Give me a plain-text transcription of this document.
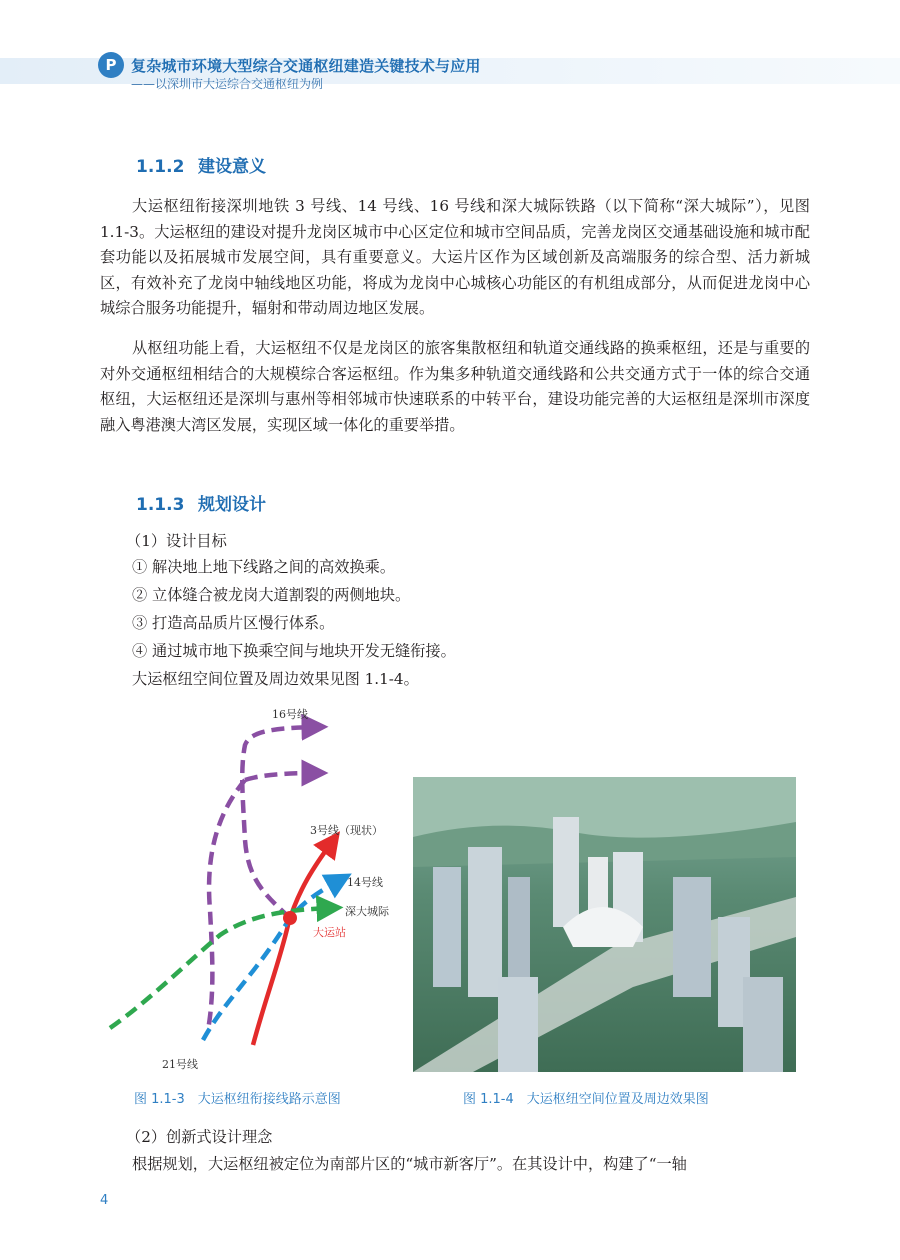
P 复杂城市环境大型综合交通枢纽建造关键技术与应用
——以深圳市大运综合交通枢纽为例
1.1.2 建设意义
大运枢纽衔接深圳地铁 3 号线、14 号线、16 号线和深大城际铁路（以下简称“深大城际”），见图 1.1-3。大运枢纽的建设对提升龙岗区城市中心区定位和城市空间品质，完善龙岗区交通基础设施和城市配套功能以及拓展城市发展空间，具有重要意义。大运片区作为区域创新及高端服务的综合型、活力新城区，有效补充了龙岗中轴线地区功能，将成为龙岗中心城核心功能区的有机组成部分，从而促进龙岗中心城综合服务功能提升，辐射和带动周边地区发展。
从枢纽功能上看，大运枢纽不仅是龙岗区的旅客集散枢纽和轨道交通线路的换乘枢纽，还是与重要的对外交通枢纽相结合的大规模综合客运枢纽。作为集多种轨道交通线路和公共交通方式于一体的综合交通枢纽，大运枢纽还是深圳与惠州等相邻城市快速联系的中转平台，建设功能完善的大运枢纽是深圳市深度融入粤港澳大湾区发展，实现区域一体化的重要举措。
1.1.3 规划设计
（1）设计目标
① 解决地上地下线路之间的高效换乘。
② 立体缝合被龙岗大道割裂的两侧地块。
③ 打造高品质片区慢行体系。
④ 通过城市地下换乘空间与地块开发无缝衔接。
大运枢纽空间位置及周边效果见图 1.1-4。
16号线
3号线（现状）
14号线
深大城际
大运站
21号线
图 1.1-3　大运枢纽衔接线路示意图	图 1.1-4　大运枢纽空间位置及周边效果图
（2）创新式设计理念
根据规划，大运枢纽被定位为南部片区的“城市新客厅”。在其设计中，构建了“一轴
4
